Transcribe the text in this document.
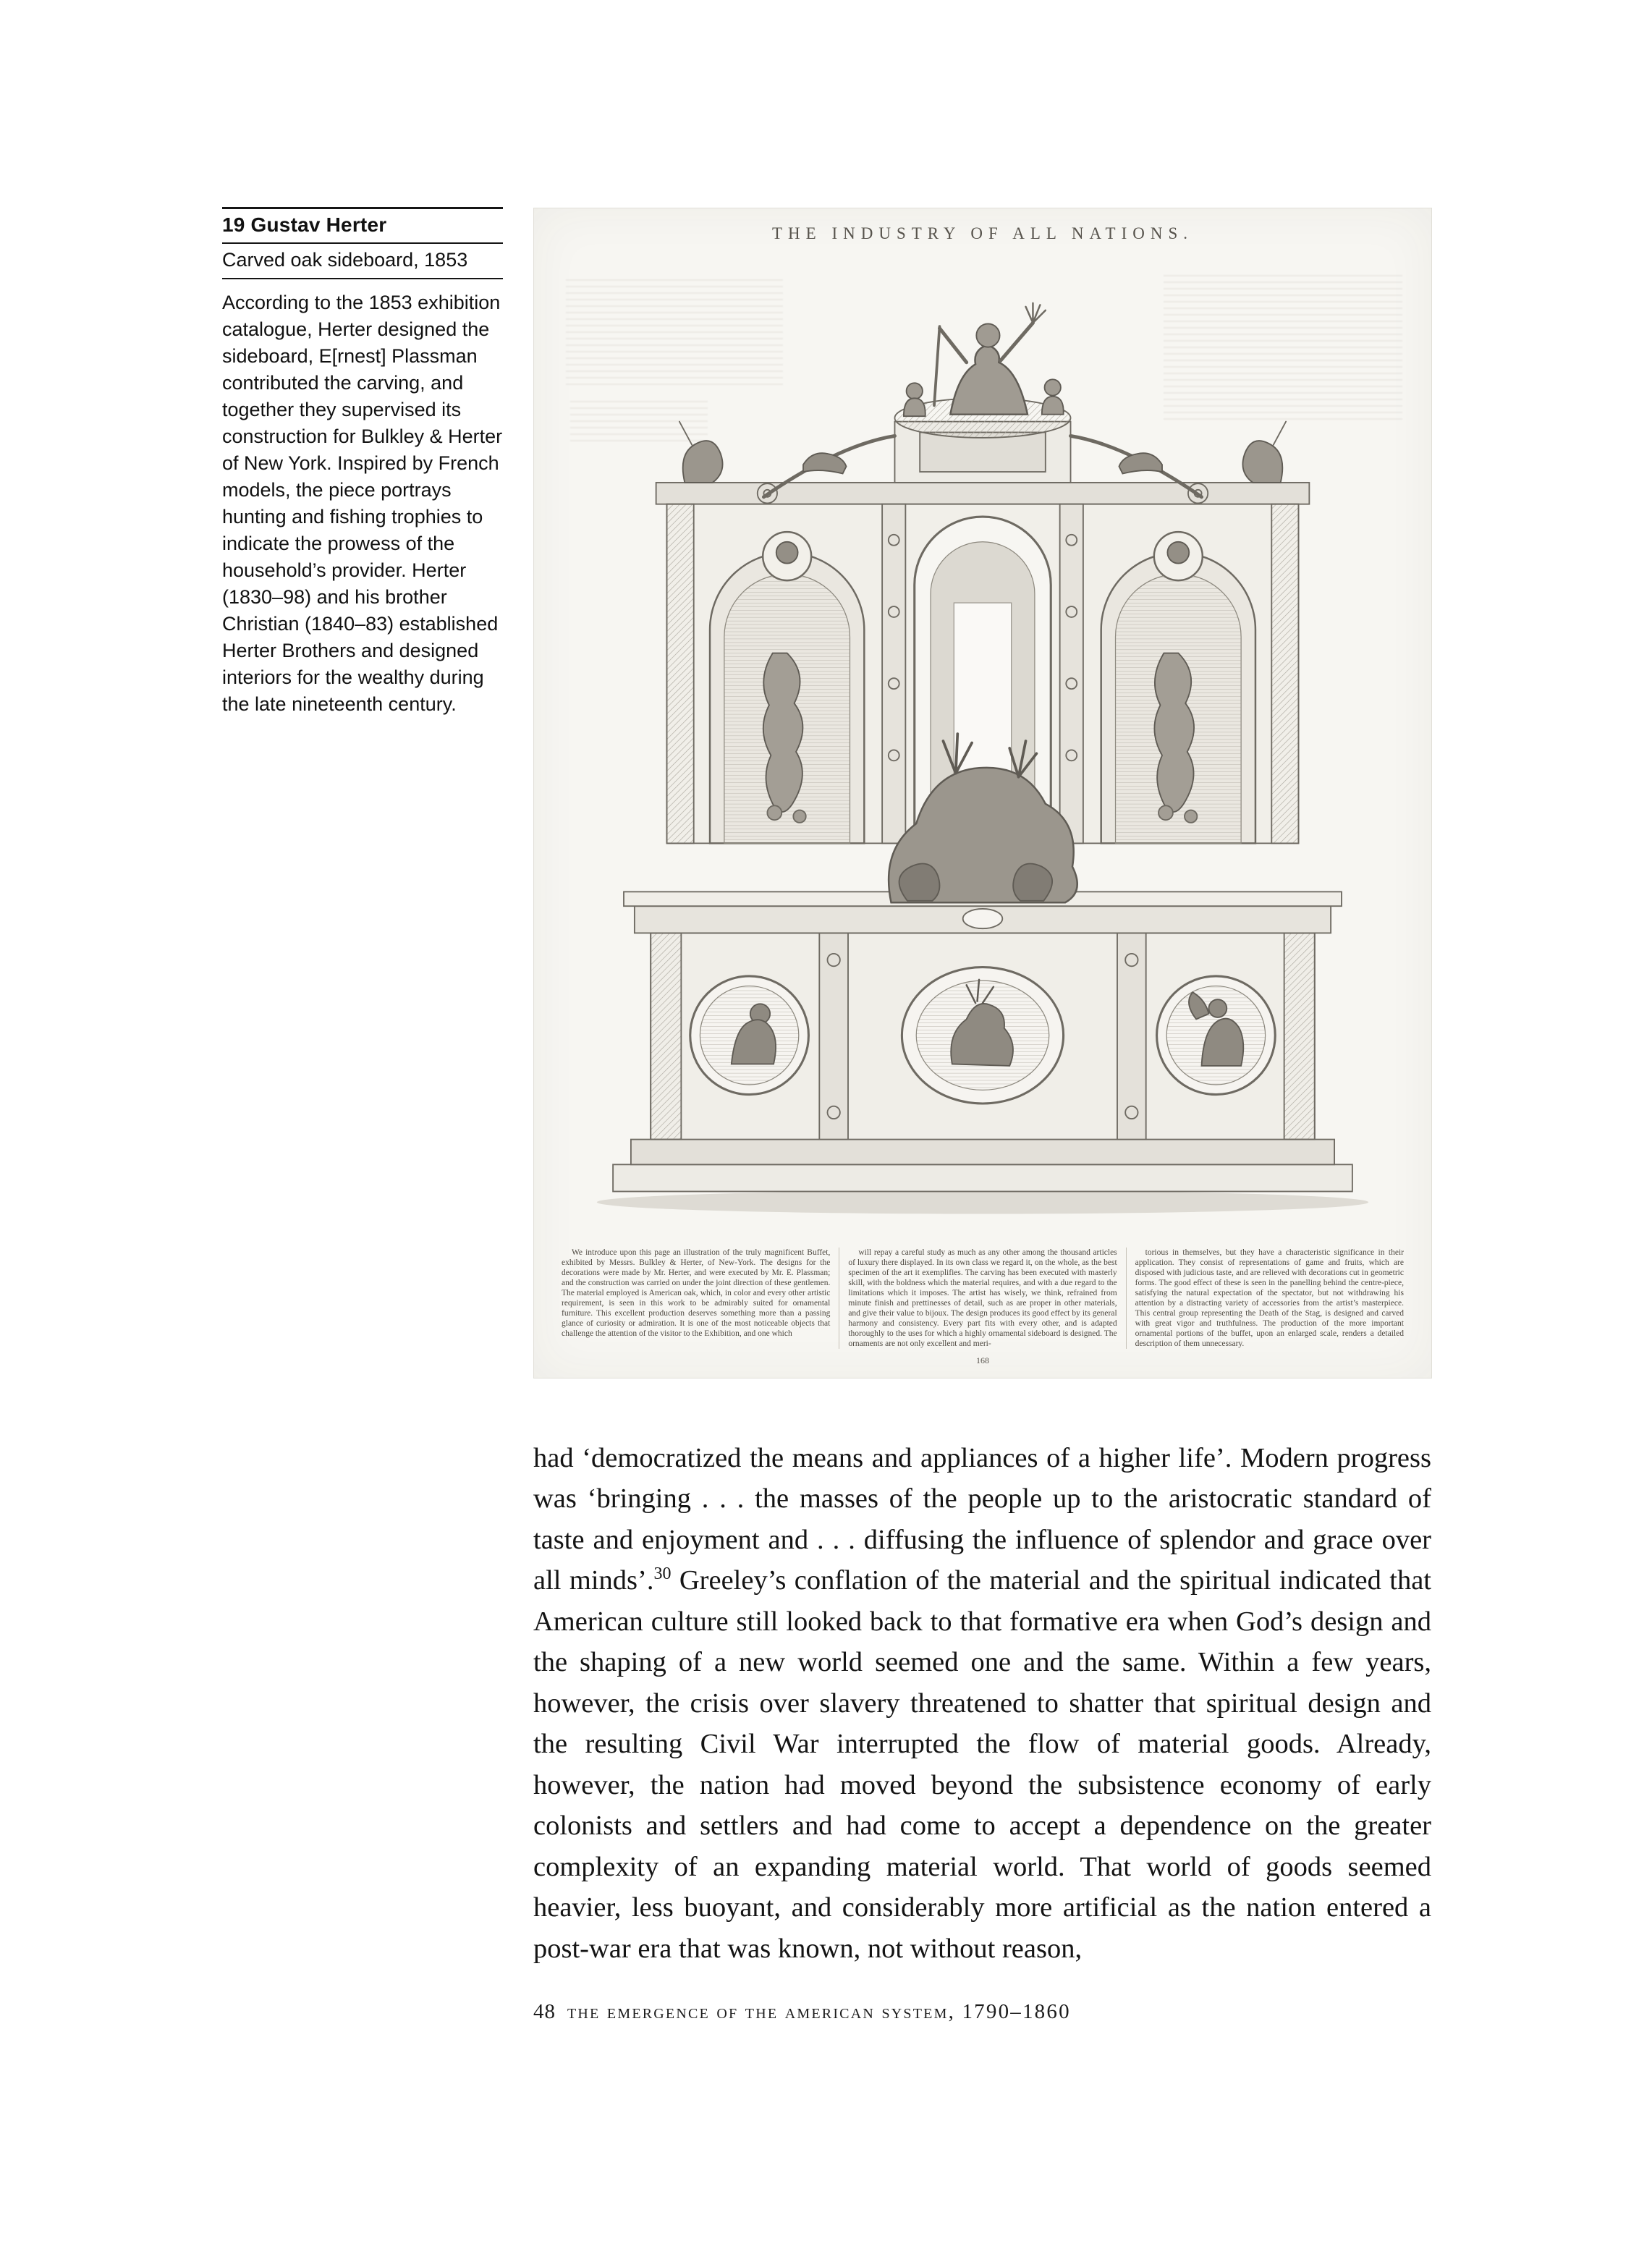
19 Gustav Herter
Carved oak sideboard, 1853
According to the 1853 exhibition catalogue, Herter designed the sideboard, E[rnest] Plassman contributed the carving, and together they supervised its construction for Bulkley & Herter of New York. Inspired by French models, the piece portrays hunting and fishing trophies to indicate the prowess of the household’s provider. Herter (1830–98) and his brother Christian (1840–83) established Herter Brothers and designed interiors for the wealthy during the late nineteenth century.
THE INDUSTRY OF ALL NATIONS.
We introduce upon this page an illustration of the truly magnificent Buffet, exhibited by Messrs. Bulkley & Herter, of New-York. The designs for the decorations were made by Mr. Herter, and were executed by Mr. E. Plassman; and the construction was carried on under the joint direction of these gentlemen. The material employed is American oak, which, in color and every other artistic requirement, is seen in this work to be admirably suited for ornamental furniture. This excellent production deserves something more than a passing glance of curiosity or admiration. It is one of the most noticeable objects that challenge the attention of the visitor to the Exhibition, and one which
will repay a careful study as much as any other among the thousand articles of luxury there displayed. In its own class we regard it, on the whole, as the best specimen of the art it exemplifies. The carving has been executed with masterly skill, with the boldness which the material requires, and with a due regard to the limitations which it imposes. The artist has wisely, we think, refrained from minute finish and prettinesses of detail, such as are proper in other materials, and give their value to bijoux. The design produces its good effect by its general harmony and consistency. Every part fits with every other, and is adapted thoroughly to the uses for which a highly ornamental sideboard is designed. The ornaments are not only excellent and meri-
torious in themselves, but they have a characteristic significance in their application. They consist of representations of game and fruits, which are disposed with judicious taste, and are relieved with decorations cut in geometric forms. The good effect of these is seen in the panelling behind the centre-piece, satisfying the natural expectation of the spectator, but not withdrawing his attention by a distracting variety of accessories from the artist’s masterpiece. This central group representing the Death of the Stag, is designed and carved with great vigor and truthfulness. The production of the more important ornamental portions of the buffet, upon an enlarged scale, renders a detailed description of them unnecessary.
168

had ‘democratized the means and appliances of a higher life’. Modern progress was ‘bringing . . . the masses of the people up to the aristocratic standard of taste and enjoyment and . . . diffusing the influence of splendor and grace over all minds’.$^{30}$ Greeley’s conflation of the material and the spiritual indicated that American culture still looked back to that formative era when God’s design and the shaping of a new world seemed one and the same. Within a few years, however, the crisis over slavery threatened to shatter that spiritual design and the resulting Civil War interrupted the flow of material goods. Already, however, the nation had moved beyond the subsistence economy of early colonists and settlers and had come to accept a dependence on the greater complexity of an expanding material world. That world of goods seemed heavier, less buoyant, and considerably more artificial as the nation entered a post-war era that was known, not without reason,

48 the emergence of the american system, 1790–1860
